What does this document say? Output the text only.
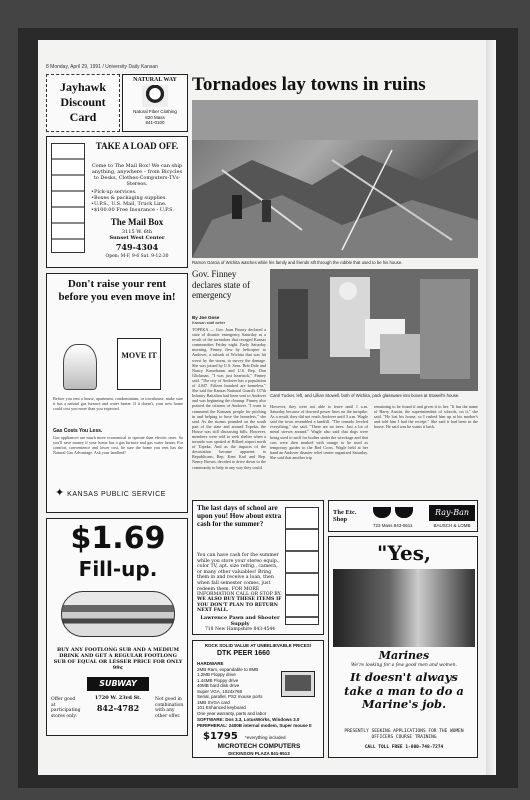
8 Monday, April 29, 1991 / University Daily Kansan
Jayhawk
Discount
Card
NATURAL WAY
Natural Fiber Clothing
820 Mass
841-0100
Tornadoes lay towns in ruins
Ramon Garcia of Wichita watches while his family and friends sift through the rubble that used to be his house.
TAKE A LOAD OFF.
Come to The Mail Box! We can ship anything, anywhere – from Bicycles to Desks, Clothes-Computers-TVs-Stereos.
•Pick-up services.
•Boxes & packaging supplies.
•U.P.S., U.S. Mail, Truck Line.
•$100.00 Free Insurance - U.P.S.
The Mail Box
3115 W. 6th
Sunset West Center
749-4304
Open: M-F, 9-6 Sat. 9-12:30
Don't raise your rent before you even move in!
MOVE IT
Before you rent a house, apartment, condominium, or townhouse, make sure it has a natural gas furnace and water heater. If it doesn't, your new home could cost you more than you expected.
Gas Costs You Less.
Gas appliances are much more economical to operate than electric ones. So you'll save money if your home has a gas furnace and gas water heater. For comfort, convenience and lower cost, be sure the home you rent has the Natural Gas Advantage. Ask your landlord!
✦ KANSAS PUBLIC SERVICE
Gov. Finney declares state of emergency
By Joe Gose
Kansan staff writer
TOPEKA — Gov. Joan Finney declared a state of disaster emergency Saturday as a result of the tornadoes that ravaged Kansas communities Friday night. Early Saturday morning, Finney flew by helicopter to Andover, a suburb of Wichita that was hit worst by the storm, to survey the damage. She was joined by U.S. Sens. Bob Dole and Nancy Kassebaum and U.S. Rep. Dan Glickman. "I was just heartsick," Finney said. "The city of Andover has a population of 4,047. Fifteen hundred are homeless." She said the Kansas National Guard's 137th Infantry Battalion had been sent to Andover and was beginning the cleanup. Finney also praised the citizens of Andover. "I want to commend the Kansans people for pitching in and helping to hose the homeless," she said. As the storms pounded on the south part of the state and around Topeka, the House was still discussing bills. However, members were told to seek shelter when a tornado was spotted at Billard airport north of Topeka. And as the impacts of the devastation became apparent to Republicans, Rep. Kent Karl and Rep. Nancy Brown, decided to drive down to the community to help in any way they could.
Carol Tucker, left, and Lillian Stowell, both of Wichita, pack glassware into boxes at Stowell's house.
However, they were not able to leave until 1 a.m. Saturday because of downed power lines on the turnpike. As a result, they did not reach Andover until 3 a.m. Wagle said the town resembled a landfill. "The tornado leveled everything," she said. "There are no trees. Just a lot of metal strewn around." Wagle also said that dogs were being used to sniff for bodies under the wreckage and that cars were then marked with orange to be used as temporary guides to the Red Cross. Wagle held at her hand an Andover disaster relief center organized Saturday. She said that another trip
remaining to be found if and given it to her. "It has the name of Harry Austin, the superintendent of schools, on it," she said. "He lost his house, so I rushed him up at his mother's and told him I had the receipt." She said it had been in the house. He said was he wants it back.
The last days of school are upon you! How about extra cash for the summer?
You can have cash for the summer while you store your stereo equip., color TV, apt. size refrig., camera, or many other valuables! Bring them in and receive a loan, then when fall semester comes, just redeem them. FOR MORE INFORMATION CALL OR STOP BY.
WE ALSO BUY THESE ITEMS IF YOU DON'T PLAN TO RETURN NEXT FALL.
Lawrence Pawn and Shooter Supply
718 New Hampshire 843-4544
The Etc. Shop
723 Mass 843-0611
Ray-Ban
BAUSCH & LOMB
$1.69
Fill-up.
BUY ANY FOOTLONG SUB AND A MEDIUM DRINK AND GET A REGULAR FOOTLONG SUB OF EQUAL OR LESSER PRICE FOR ONLY 99¢
SUBWAY
1720 W. 23rd St.
842-4782
Offer good at participating stores only.
Not good in combination with any other offer.
ROCK SOLID VALUE AT UNBELIEVABLE PRICES!
DTK PEER 1660
HARDWARE
2MB Ram, expandable to 8MB
1.2MB Floppy drive
1.44MB Floppy drive
40MB hard disk drive
Super VGA, 1024x768
Serial, parallel, PS2 mouse ports
1MB SVGA card
101 Enhanced keyboard
One year warranty, parts and labor
SOFTWARE: Dos 3.3, LotusWorks, Windows 3.0
PERIPHERAL: 2400B internal modem, Super mouse II
$1795 *everything included
MICROTECH COMPUTERS
DICKINSON PLAZA 841-9513
"Yes,
Marines
We're looking for a few good men and women.
It doesn't always take a man to do a Marine's job.
PRESENTLY SEEKING APPLICATIONS FOR THE WOMEN OFFICERS COURSE TRAINING
CALL TOLL FREE 1-800-748-7274
